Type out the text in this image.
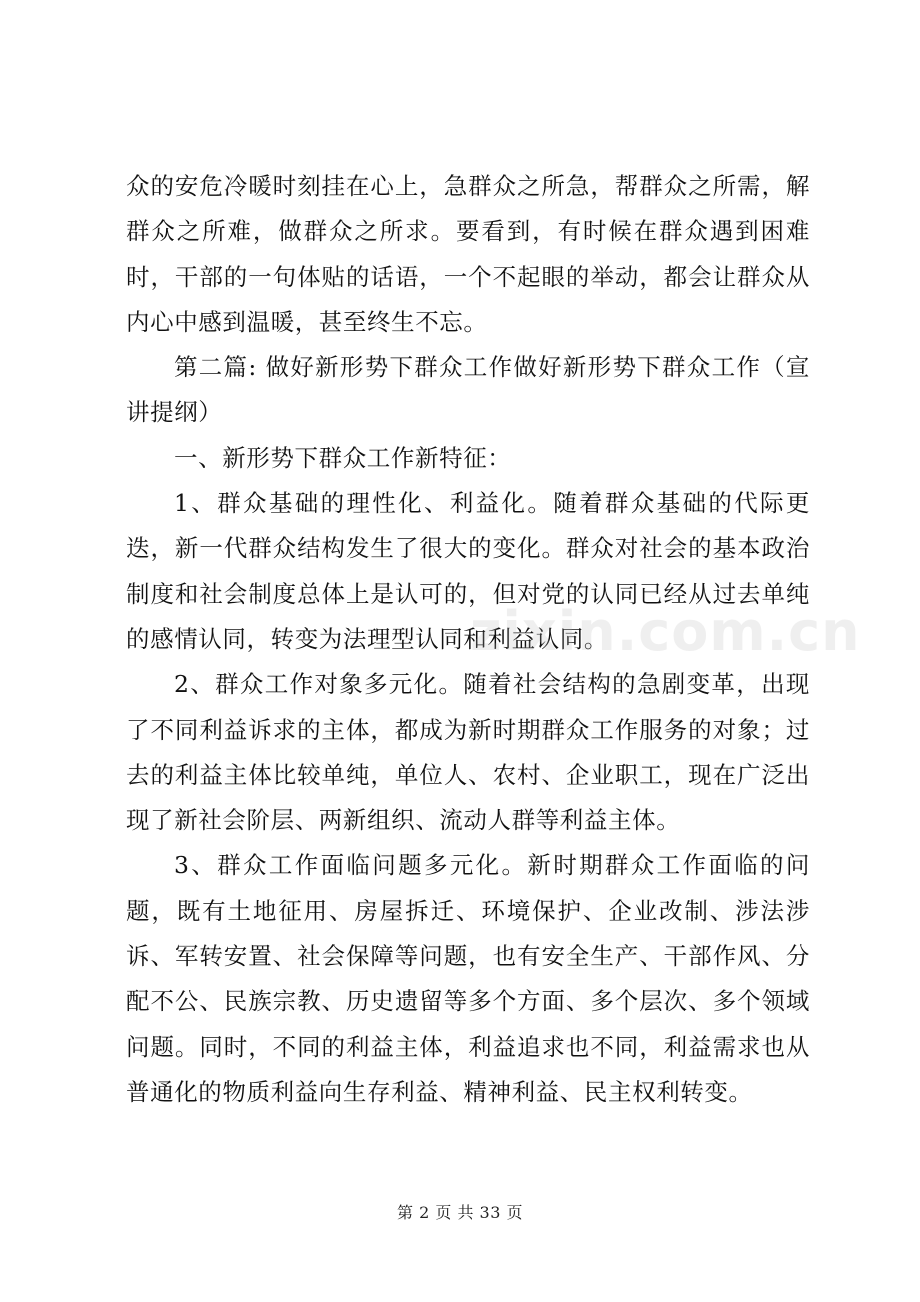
众的安危冷暖时刻挂在心上，急群众之所急，帮群众之所需，解群众之所难，做群众之所求。要看到，有时候在群众遇到困难时，干部的一句体贴的话语，一个不起眼的举动，都会让群众从内心中感到温暖，甚至终生不忘。

第二篇: 做好新形势下群众工作做好新形势下群众工作（宣讲提纲）

一、新形势下群众工作新特征：

1、群众基础的理性化、利益化。随着群众基础的代际更迭，新一代群众结构发生了很大的变化。群众对社会的基本政治制度和社会制度总体上是认可的，但对党的认同已经从过去单纯的感情认同，转变为法理型认同和利益认同。

2、群众工作对象多元化。随着社会结构的急剧变革，出现了不同利益诉求的主体，都成为新时期群众工作服务的对象；过去的利益主体比较单纯，单位人、农村、企业职工，现在广泛出现了新社会阶层、两新组织、流动人群等利益主体。

3、群众工作面临问题多元化。新时期群众工作面临的问题，既有土地征用、房屋拆迁、环境保护、企业改制、涉法涉诉、军转安置、社会保障等问题，也有安全生产、干部作风、分配不公、民族宗教、历史遗留等多个方面、多个层次、多个领域问题。同时，不同的利益主体，利益追求也不同，利益需求也从普通化的物质利益向生存利益、精神利益、民主权利转变。

zixin.com.cn
第 2 页 共 33 页
